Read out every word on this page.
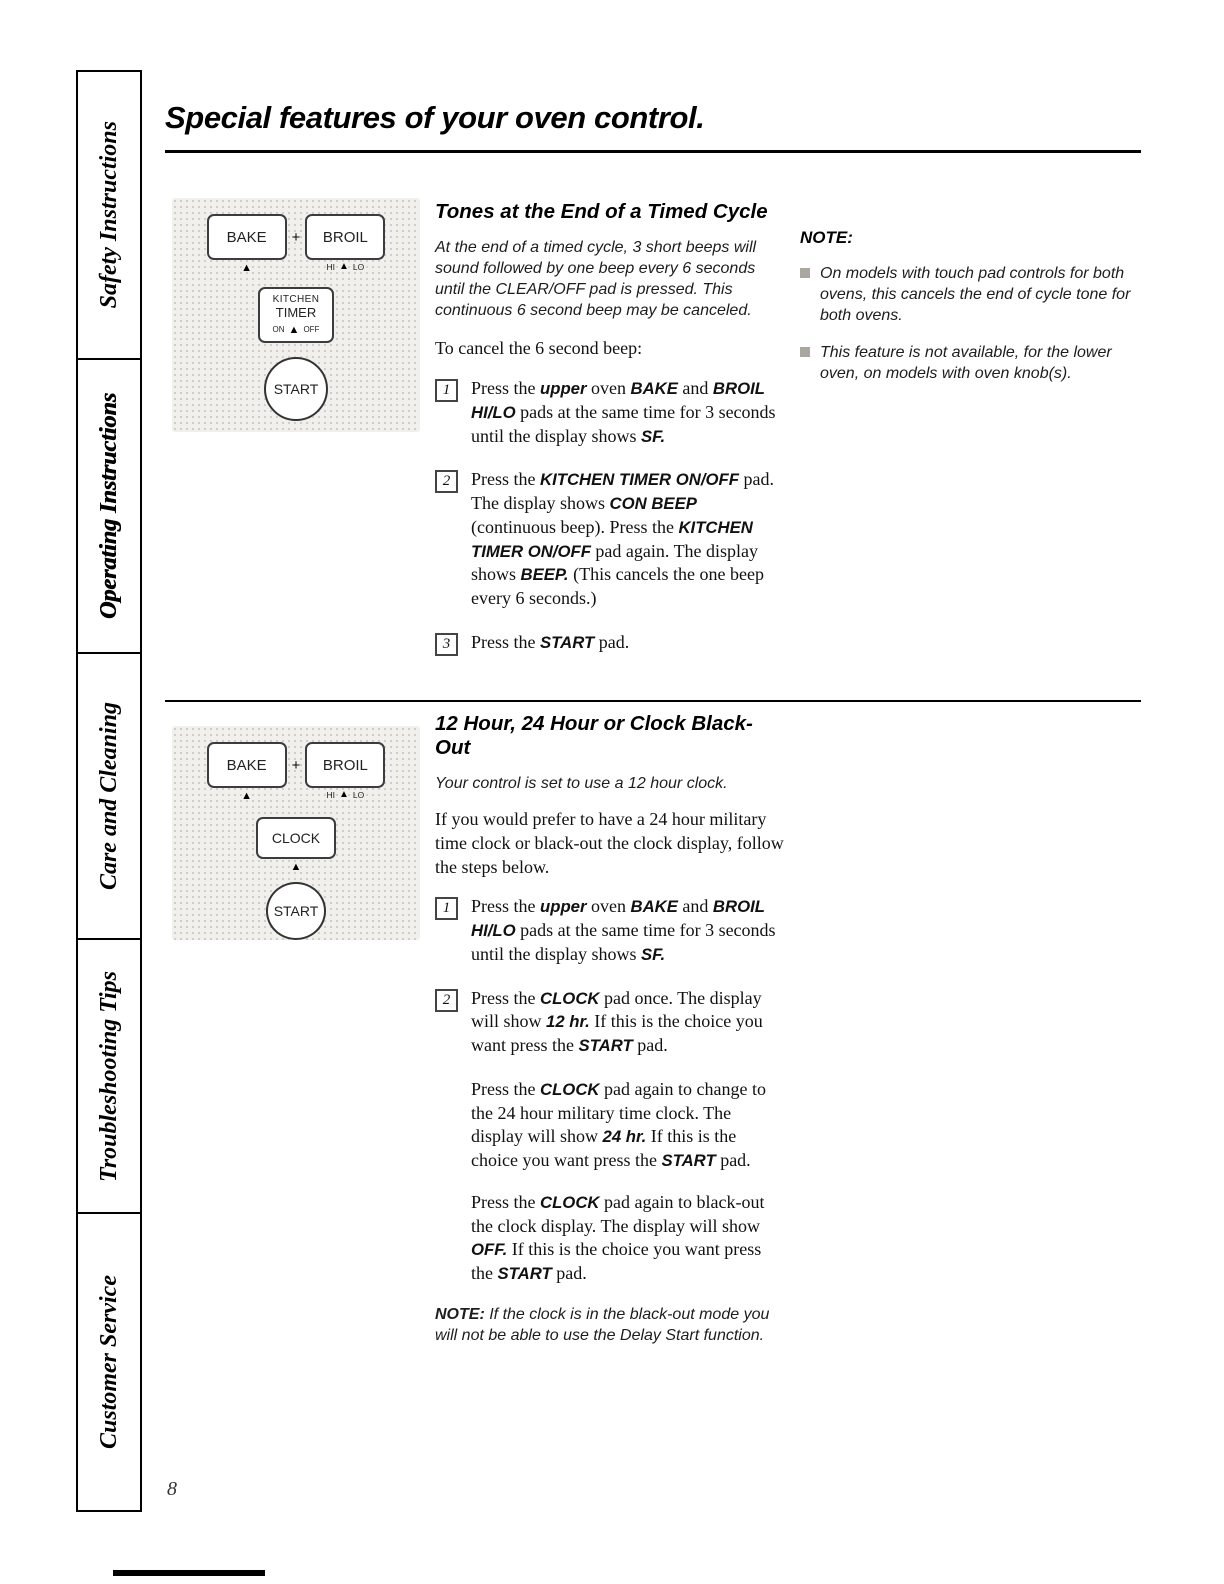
Safety Instructions
Operating Instructions
Care and Cleaning
Troubleshooting Tips
Customer Service
Special features of your oven control.
BAKE
▲
+ BROIL
HI ▲ LO
KITCHEN
TIMER
ON ▲ OFF
START
Tones at the End of a Timed Cycle

At the end of a timed cycle, 3 short beeps will sound followed by one beep every 6 seconds until the CLEAR/OFF pad is pressed. This continuous 6 second beep may be canceled.

To cancel the 6 second beep:

1	Press the upper oven BAKE and BROIL HI/LO pads at the same time for 3 seconds until the display shows SF.
2	Press the KITCHEN TIMER ON/OFF pad. The display shows CON BEEP (continuous beep). Press the KITCHEN TIMER ON/OFF pad again. The display shows BEEP. (This cancels the one beep every 6 seconds.)
3	Press the START pad.
NOTE:
On models with touch pad controls for both ovens, this cancels the end of cycle tone for both ovens.
This feature is not available, for the lower oven, on models with oven knob(s).
BAKE
▲
+ BROIL
HI ▲ LO
CLOCK
▲
START
12 Hour, 24 Hour or Clock Black-Out

Your control is set to use a 12 hour clock.

If you would prefer to have a 24 hour military time clock or black-out the clock display, follow the steps below.

1	Press the upper oven BAKE and BROIL HI/LO pads at the same time for 3 seconds until the display shows SF.
2	Press the CLOCK pad once. The display will show 12 hr. If this is the choice you want press the START pad.

Press the CLOCK pad again to change to the 24 hour military time clock. The display will show 24 hr. If this is the choice you want press the START pad.

Press the CLOCK pad again to black-out the clock display. The display will show OFF. If this is the choice you want press the START pad.

NOTE: If the clock is in the black-out mode you will not be able to use the Delay Start function.

8
